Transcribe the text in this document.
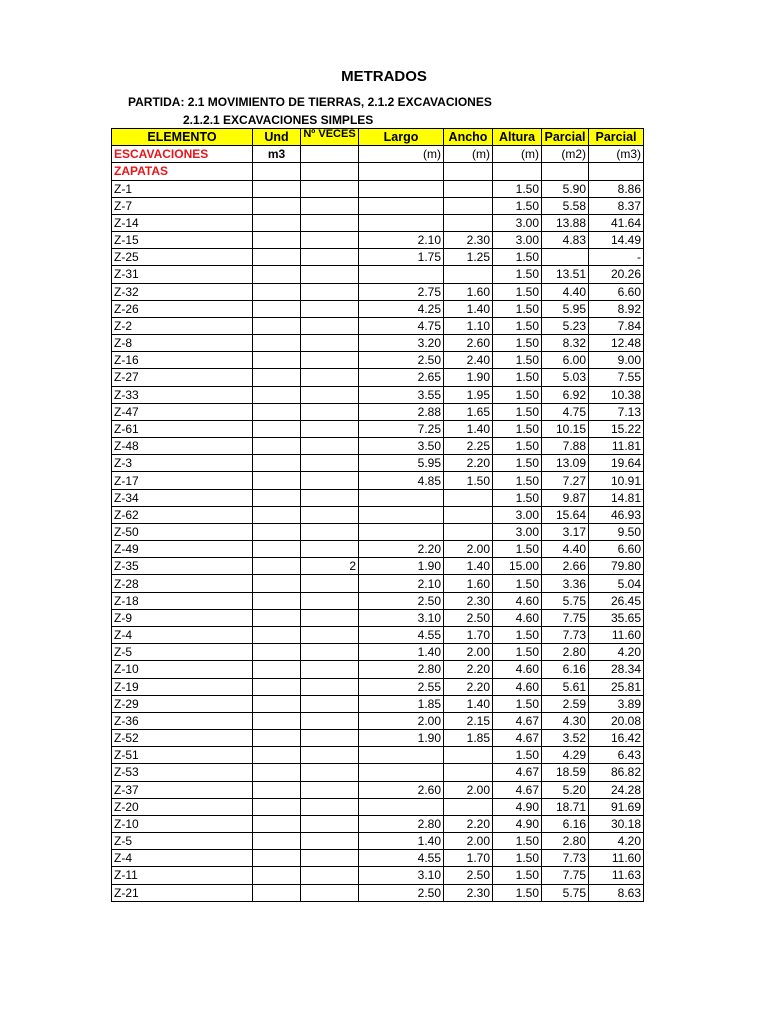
METRADOS
PARTIDA: 2.1 MOVIMIENTO DE TIERRAS, 2.1.2 EXCAVACIONES
2.1.2.1 EXCAVACIONES SIMPLES
ELEMENTO	Und	Nº VECES	Largo	Ancho	Altura	Parcial	Parcial
ESCAVACIONES	m3		(m)	(m)	(m)	(m2)	(m3)
ZAPATAS							
Z-1					1.50	5.90	8.86
Z-7					1.50	5.58	8.37
Z-14					3.00	13.88	41.64
Z-15			2.10	2.30	3.00	4.83	14.49
Z-25			1.75	1.25	1.50		-
Z-31					1.50	13.51	20.26
Z-32			2.75	1.60	1.50	4.40	6.60
Z-26			4.25	1.40	1.50	5.95	8.92
Z-2			4.75	1.10	1.50	5.23	7.84
Z-8			3.20	2.60	1.50	8.32	12.48
Z-16			2.50	2.40	1.50	6.00	9.00
Z-27			2.65	1.90	1.50	5.03	7.55
Z-33			3.55	1.95	1.50	6.92	10.38
Z-47			2.88	1.65	1.50	4.75	7.13
Z-61			7.25	1.40	1.50	10.15	15.22
Z-48			3.50	2.25	1.50	7.88	11.81
Z-3			5.95	2.20	1.50	13.09	19.64
Z-17			4.85	1.50	1.50	7.27	10.91
Z-34					1.50	9.87	14.81
Z-62					3.00	15.64	46.93
Z-50					3.00	3.17	9.50
Z-49			2.20	2.00	1.50	4.40	6.60
Z-35		2	1.90	1.40	15.00	2.66	79.80
Z-28			2.10	1.60	1.50	3.36	5.04
Z-18			2.50	2.30	4.60	5.75	26.45
Z-9			3.10	2.50	4.60	7.75	35.65
Z-4			4.55	1.70	1.50	7.73	11.60
Z-5			1.40	2.00	1.50	2.80	4.20
Z-10			2.80	2.20	4.60	6.16	28.34
Z-19			2.55	2.20	4.60	5.61	25.81
Z-29			1.85	1.40	1.50	2.59	3.89
Z-36			2.00	2.15	4.67	4.30	20.08
Z-52			1.90	1.85	4.67	3.52	16.42
Z-51					1.50	4.29	6.43
Z-53					4.67	18.59	86.82
Z-37			2.60	2.00	4.67	5.20	24.28
Z-20					4.90	18.71	91.69
Z-10			2.80	2.20	4.90	6.16	30.18
Z-5			1.40	2.00	1.50	2.80	4.20
Z-4			4.55	1.70	1.50	7.73	11.60
Z-11			3.10	2.50	1.50	7.75	11.63
Z-21			2.50	2.30	1.50	5.75	8.63
